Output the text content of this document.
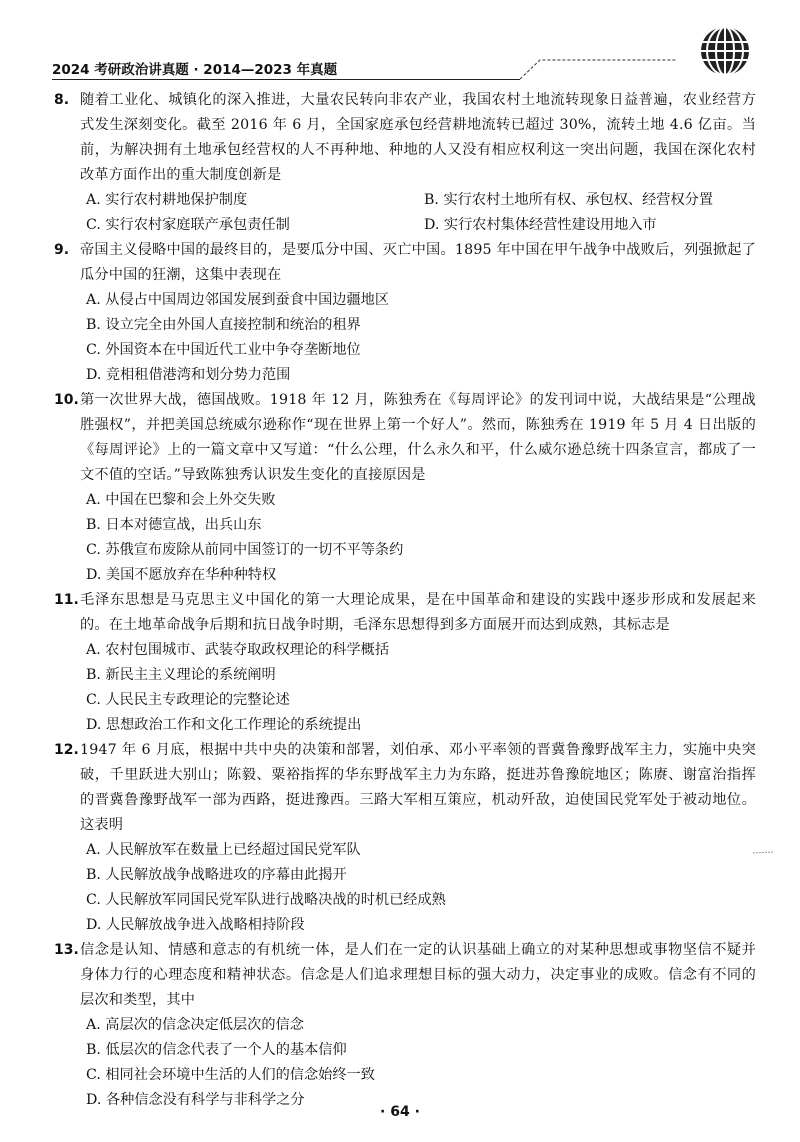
2024 考研政治讲真题 · 2014—2023 年真题
8. 随着工业化、城镇化的深入推进，大量农民转向非农产业，我国农村土地流转现象日益普遍，农业经营方式发生深刻变化。截至 2016 年 6 月，全国家庭承包经营耕地流转已超过 30%，流转土地 4.6 亿亩。当前，为解决拥有土地承包经营权的人不再种地、种地的人又没有相应权利这一突出问题，我国在深化农村改革方面作出的重大制度创新是
A. 实行农村耕地保护制度	B. 实行农村土地所有权、承包权、经营权分置
C. 实行农村家庭联产承包责任制	D. 实行农村集体经营性建设用地入市
9. 帝国主义侵略中国的最终目的，是要瓜分中国、灭亡中国。1895 年中国在甲午战争中战败后，列强掀起了瓜分中国的狂潮，这集中表现在
A. 从侵占中国周边邻国发展到蚕食中国边疆地区
B. 设立完全由外国人直接控制和统治的租界
C. 外国资本在中国近代工业中争夺垄断地位
D. 竞相租借港湾和划分势力范围
10. 第一次世界大战，德国战败。1918 年 12 月，陈独秀在《每周评论》的发刊词中说，大战结果是“公理战胜强权”，并把美国总统威尔逊称作“现在世界上第一个好人”。然而，陈独秀在 1919 年 5 月 4 日出版的《每周评论》上的一篇文章中又写道：“什么公理，什么永久和平，什么威尔逊总统十四条宣言，都成了一文不值的空话。”导致陈独秀认识发生变化的直接原因是
A. 中国在巴黎和会上外交失败
B. 日本对德宣战，出兵山东
C. 苏俄宣布废除从前同中国签订的一切不平等条约
D. 美国不愿放弃在华种种特权
11. 毛泽东思想是马克思主义中国化的第一大理论成果，是在中国革命和建设的实践中逐步形成和发展起来的。在土地革命战争后期和抗日战争时期，毛泽东思想得到多方面展开而达到成熟，其标志是
A. 农村包围城市、武装夺取政权理论的科学概括
B. 新民主主义理论的系统阐明
C. 人民民主专政理论的完整论述
D. 思想政治工作和文化工作理论的系统提出
12. 1947 年 6 月底，根据中共中央的决策和部署，刘伯承、邓小平率领的晋冀鲁豫野战军主力，实施中央突破，千里跃进大别山；陈毅、粟裕指挥的华东野战军主力为东路，挺进苏鲁豫皖地区；陈赓、谢富治指挥的晋冀鲁豫野战军一部为西路，挺进豫西。三路大军相互策应，机动歼敌，迫使国民党军处于被动地位。这表明
A. 人民解放军在数量上已经超过国民党军队
B. 人民解放战争战略进攻的序幕由此揭开
C. 人民解放军同国民党军队进行战略决战的时机已经成熟
D. 人民解放战争进入战略相持阶段
13. 信念是认知、情感和意志的有机统一体，是人们在一定的认识基础上确立的对某种思想或事物坚信不疑并身体力行的心理态度和精神状态。信念是人们追求理想目标的强大动力，决定事业的成败。信念有不同的层次和类型，其中
A. 高层次的信念决定低层次的信念
B. 低层次的信念代表了一个人的基本信仰
C. 相同社会环境中生活的人们的信念始终一致
D. 各种信念没有科学与非科学之分
· 64 ·
